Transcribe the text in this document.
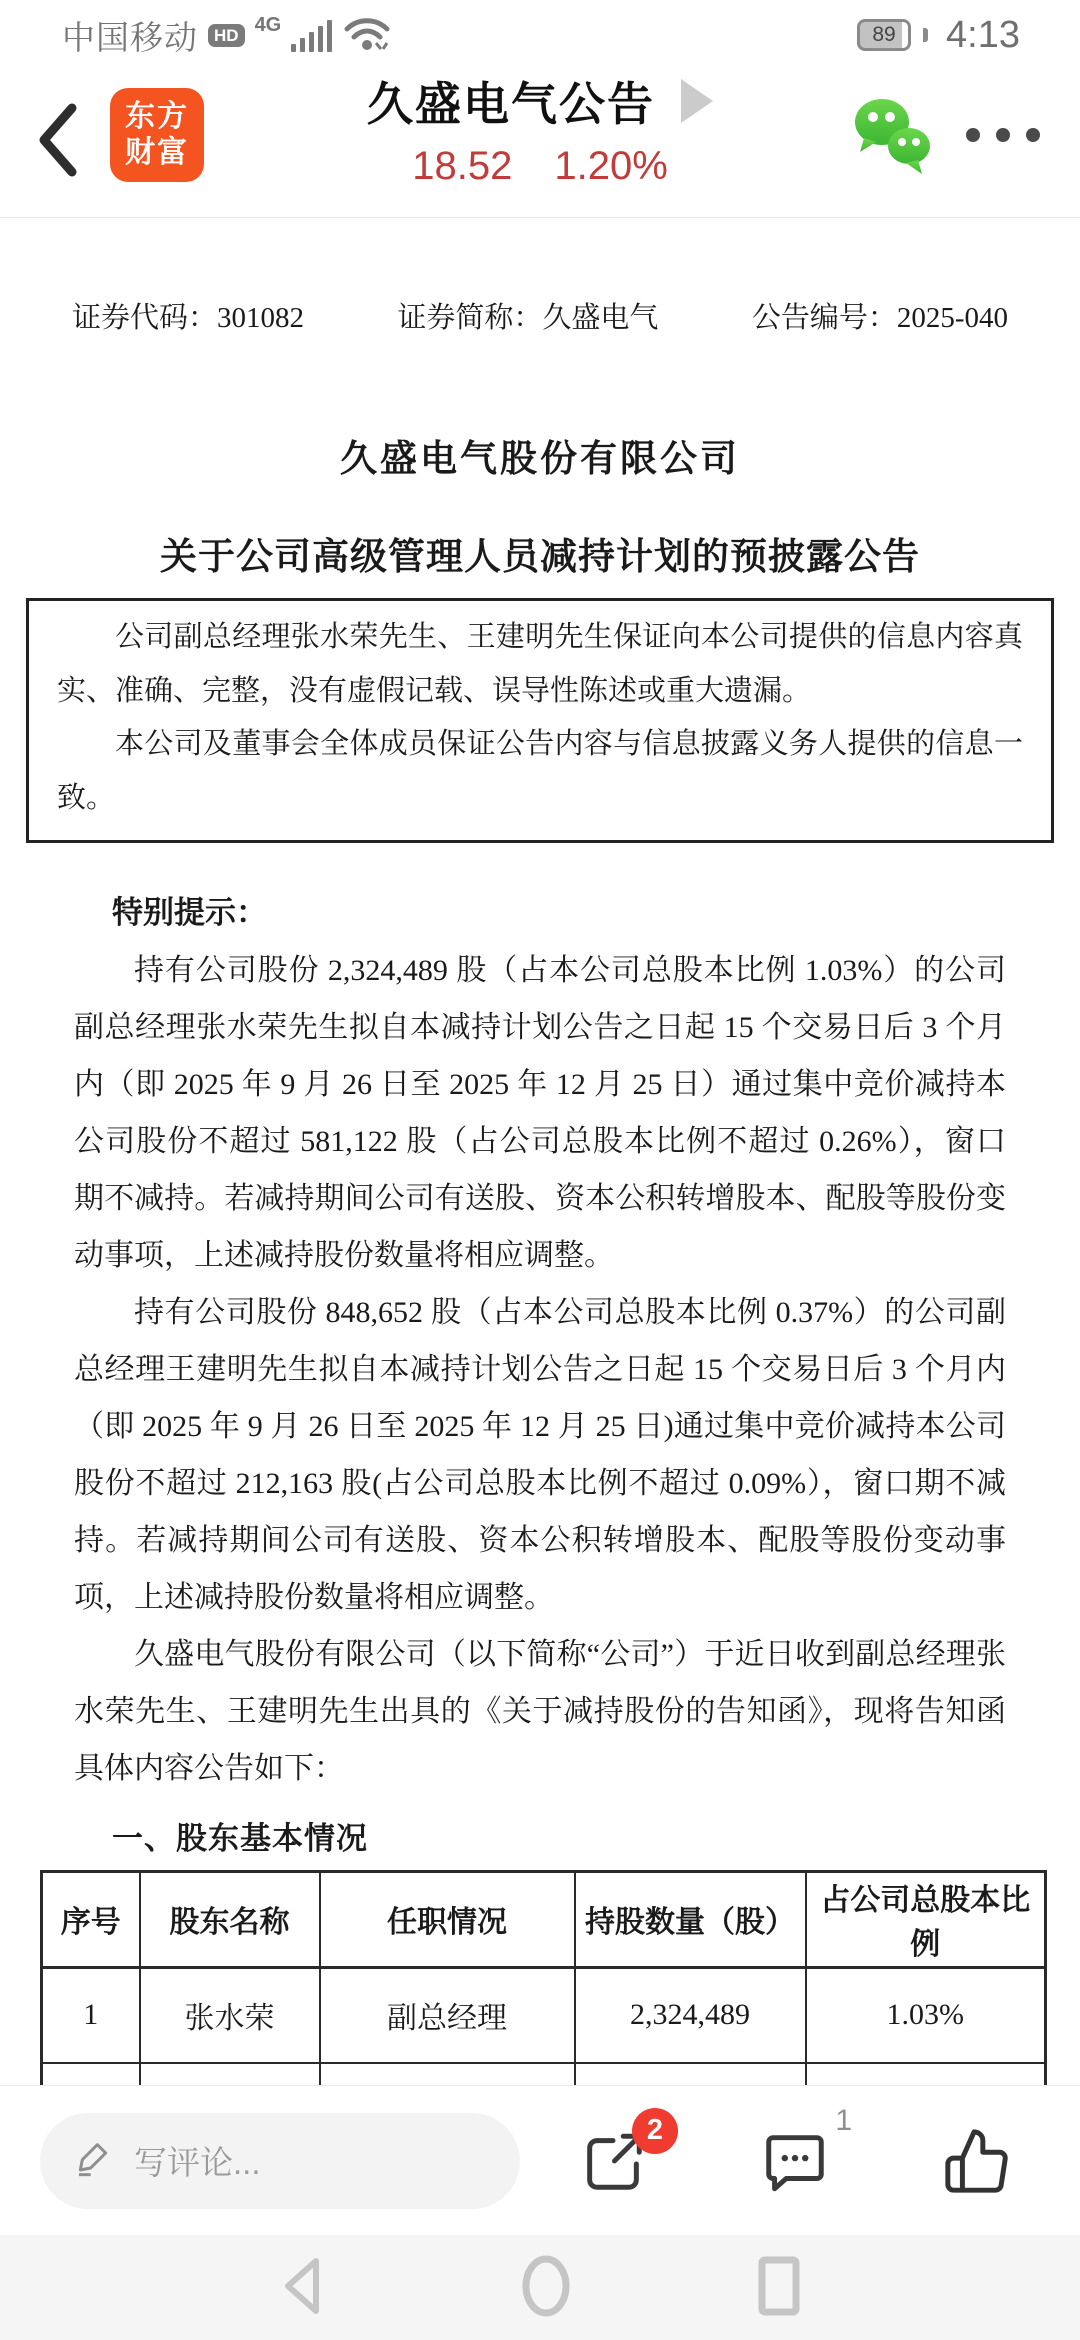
中国移动 HD 4G	89 4:13
东方
财富
久盛电气公告
18.52 1.20%
证券代码：301082	证券简称：久盛电气	公告编号：2025-040
久盛电气股份有限公司
关于公司高级管理人员减持计划的预披露公告

公司副总经理张水荣先生、王建明先生保证向本公司提供的信息内容真实、准确、完整，没有虚假记载、误导性陈述或重大遗漏。

本公司及董事会全体成员保证公告内容与信息披露义务人提供的信息一致。

特别提示：

持有公司股份 2,324,489 股（占本公司总股本比例 1.03%）的公司副总经理张水荣先生拟自本减持计划公告之日起 15 个交易日后 3 个月内（即 2025 年 9 月 26 日至 2025 年 12 月 25 日）通过集中竞价减持本公司股份不超过 581,122 股（占公司总股本比例不超过 0.26%），窗口期不减持。若减持期间公司有送股、资本公积转增股本、配股等股份变动事项，上述减持股份数量将相应调整。

持有公司股份 848,652 股（占本公司总股本比例 0.37%）的公司副总经理王建明先生拟自本减持计划公告之日起 15 个交易日后 3 个月内（即 2025 年 9 月 26 日至 2025 年 12 月 25 日)通过集中竞价减持本公司股份不超过 212,163 股(占公司总股本比例不超过 0.09%），窗口期不减持。若减持期间公司有送股、资本公积转增股本、配股等股份变动事项，上述减持股份数量将相应调整。

久盛电气股份有限公司（以下简称“公司”）于近日收到副总经理张水荣先生、王建明先生出具的《关于减持股份的告知函》，现将告知函具体内容公告如下：

一、股东基本情况
序号	股东名称	任职情况	持股数量（股）	占公司总股本比例
1	张水荣	副总经理	2,324,489	1.03%

写评论...
2	1
